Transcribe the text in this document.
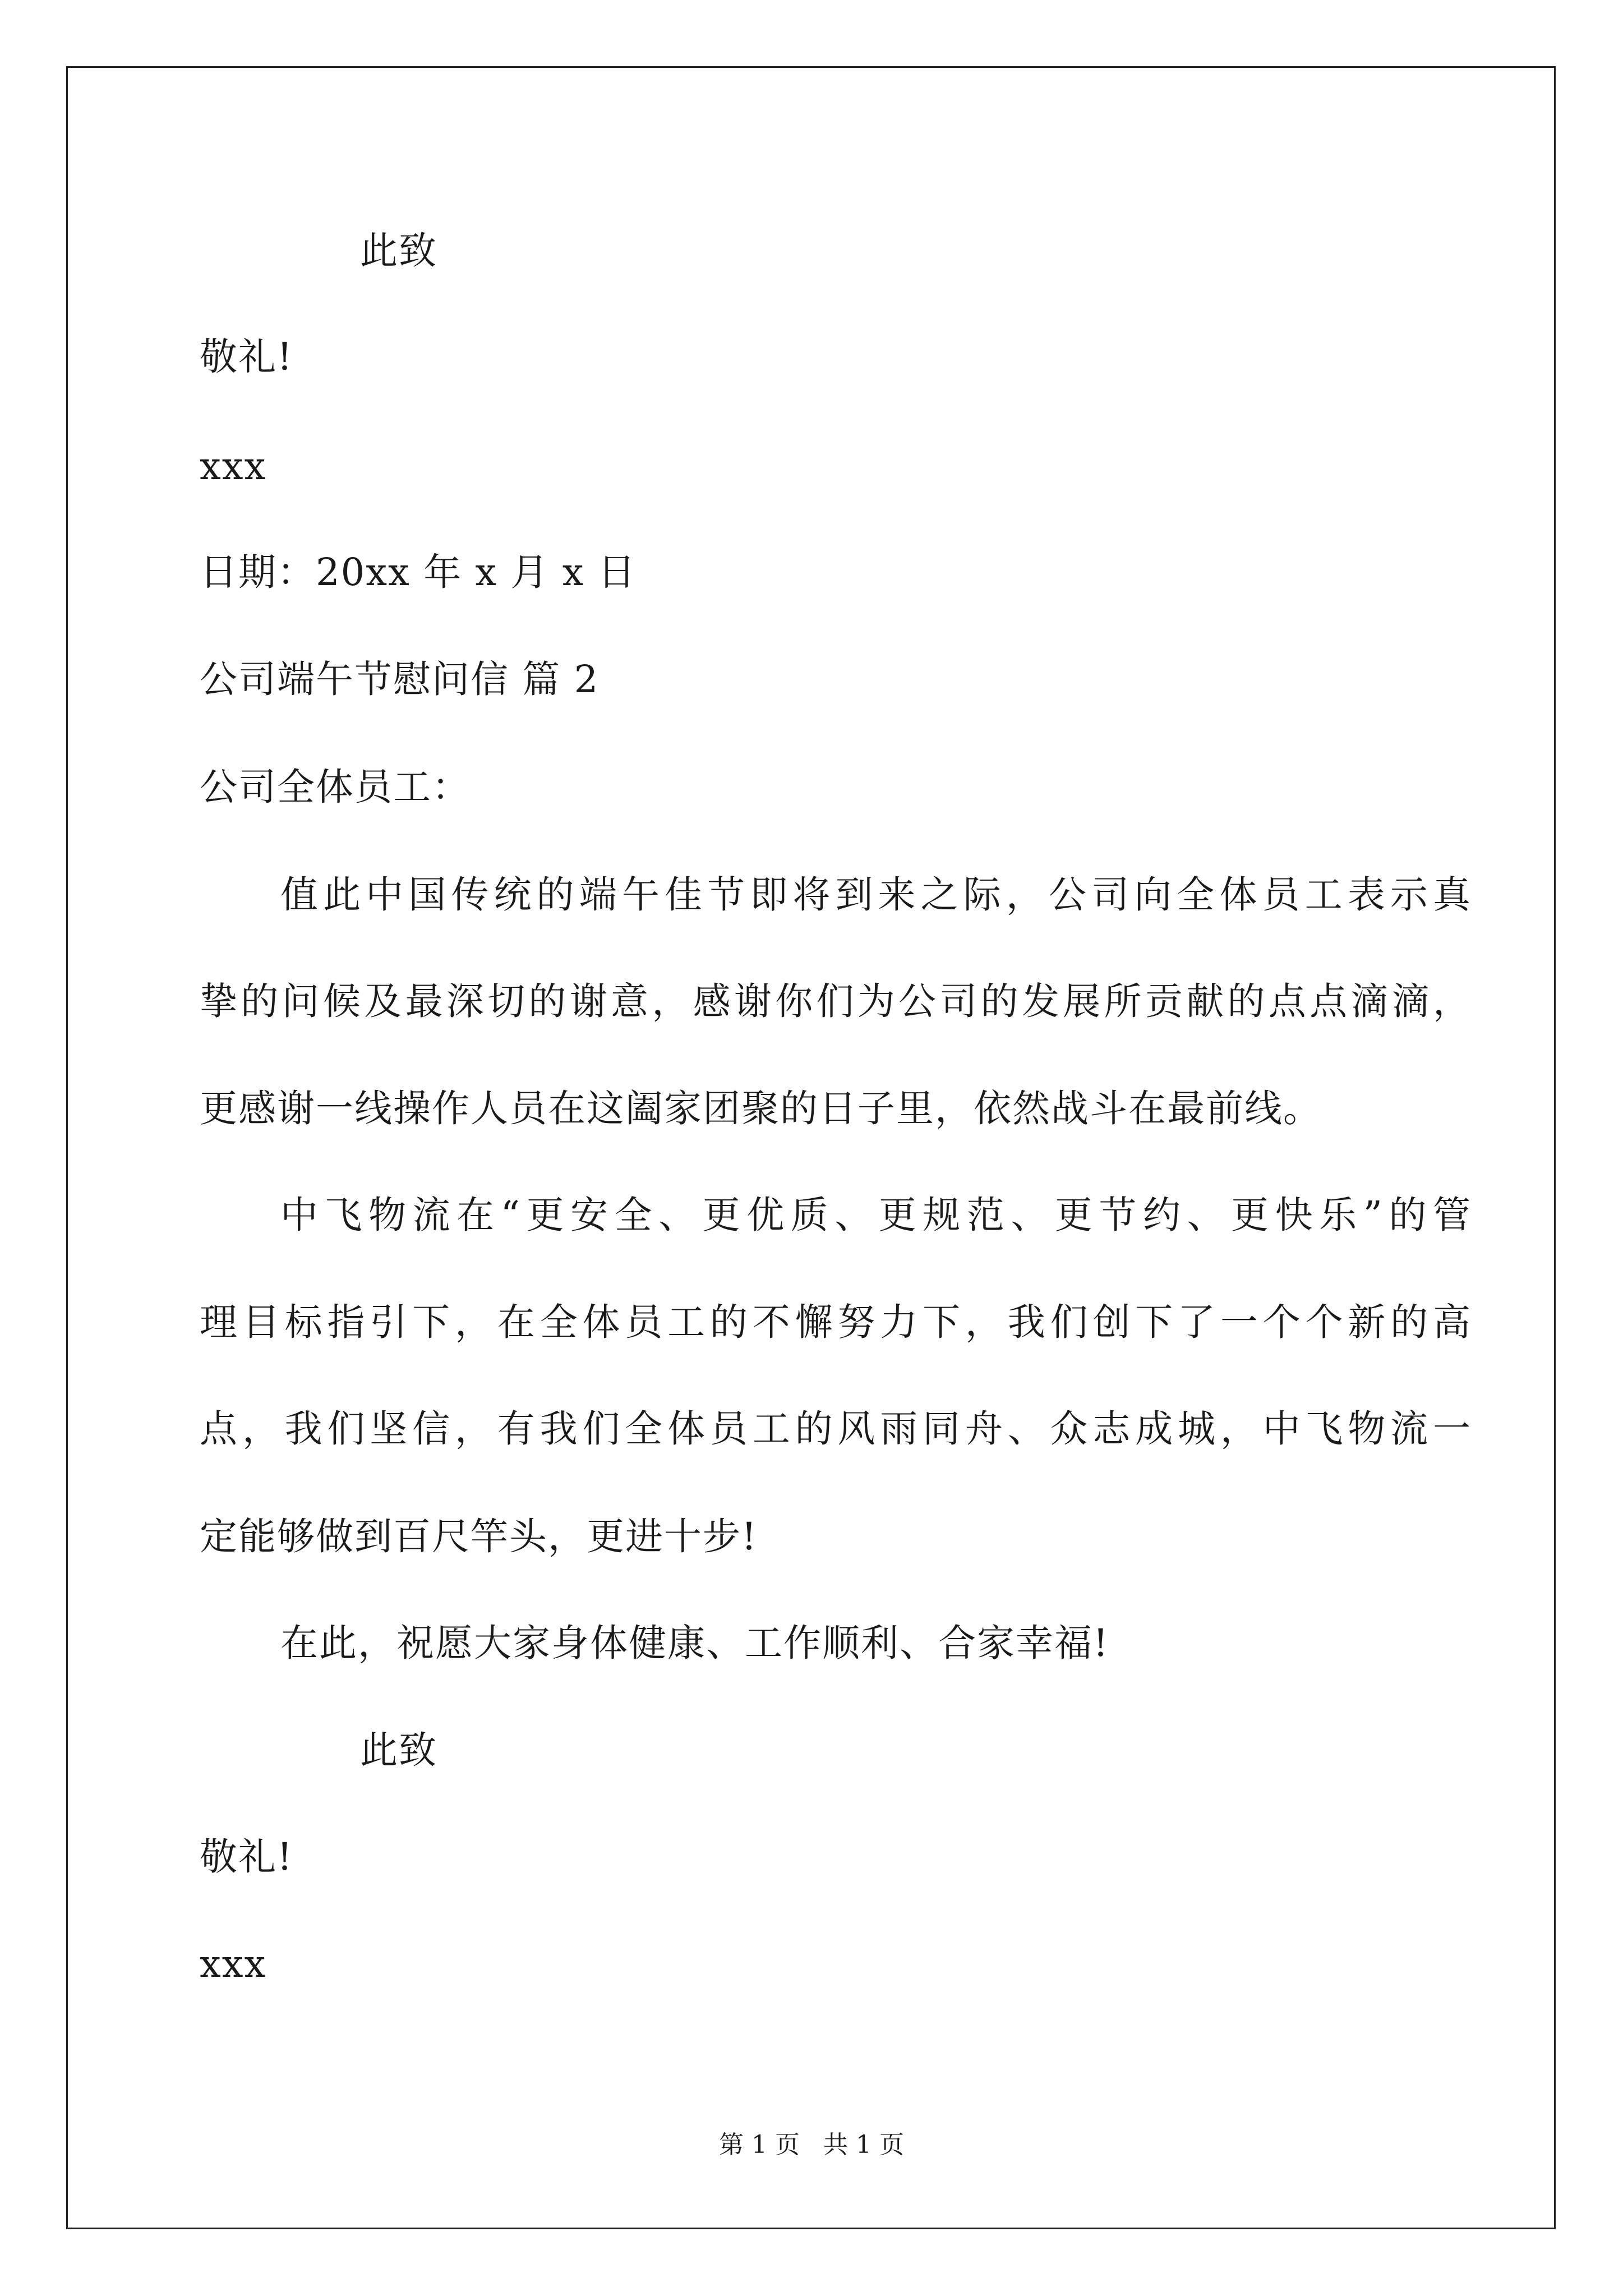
此致
敬礼!
xxx
日期：20xx 年 x 月 x 日
公司端午节慰问信 篇 2
公司全体员工：
值此中国传统的端午佳节即将到来之际，公司向全体员工表示真
挚的问候及最深切的谢意，感谢你们为公司的发展所贡献的点点滴滴，
更感谢一线操作人员在这阖家团聚的日子里，依然战斗在最前线。
中飞物流在“更安全、更优质、更规范、更节约、更快乐”的管
理目标指引下，在全体员工的不懈努力下，我们创下了一个个新的高
点，我们坚信，有我们全体员工的风雨同舟、众志成城，中飞物流一
定能够做到百尺竿头，更进十步!
在此，祝愿大家身体健康、工作顺利、合家幸福!
此致
敬礼!
xxx
第 1 页   共 1 页
